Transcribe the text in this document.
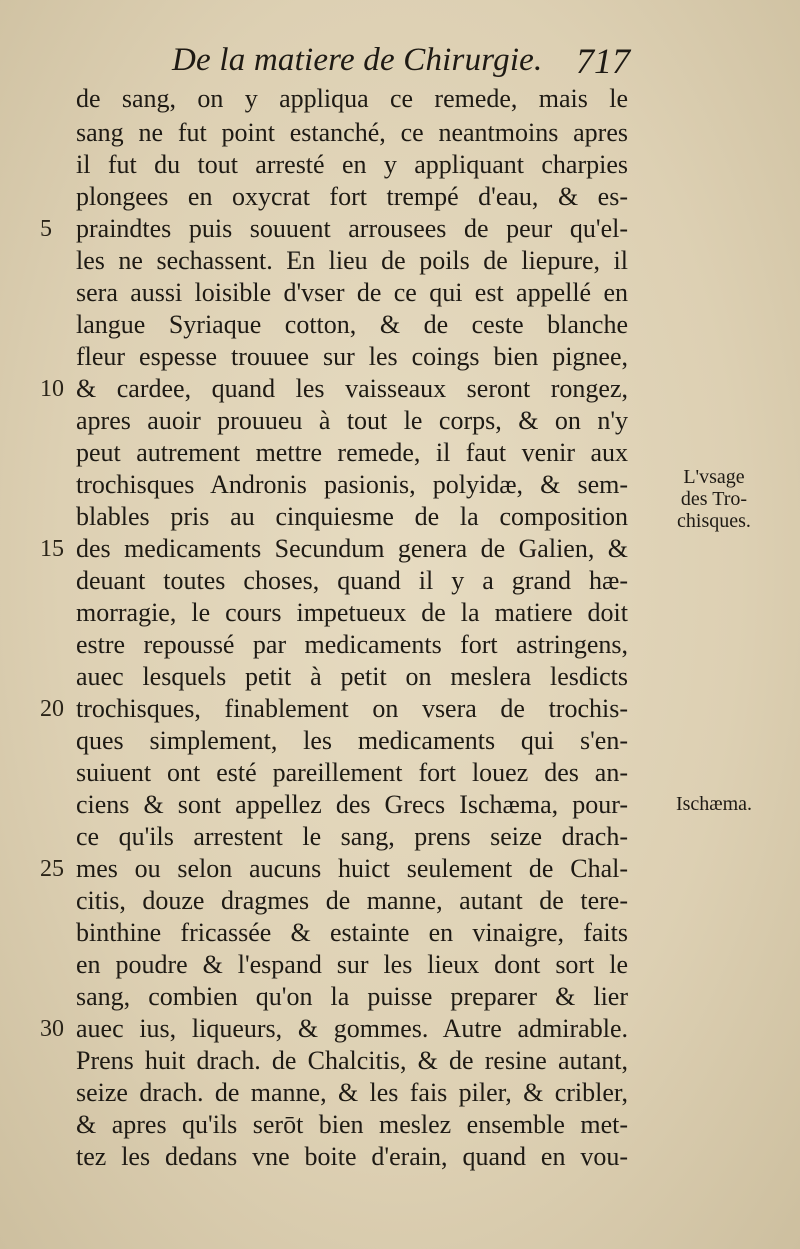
De la matiere de Chirurgie. 717
de sang, on y appliqua ce remede, mais le
sang ne fut point estanché, ce neantmoins apres
il fut du tout arresté en y appliquant charpies
plongees en oxycrat fort trempé d'eau, & es-
praindtes puis souuent arrousees de peur qu'el-
les ne sechassent. En lieu de poils de liepure, il
sera aussi loisible d'vser de ce qui est appellé en
langue Syriaque cotton, & de ceste blanche
fleur espesse trouuee sur les coings bien pignee,
& cardee, quand les vaisseaux seront rongez,
apres auoir prouueu à tout le corps, & on n'y
peut autrement mettre remede, il faut venir aux
trochisques Andronis pasionis, polyidæ, & sem-
blables pris au cinquiesme de la composition
des medicaments Secundum genera de Galien, &
deuant toutes choses, quand il y a grand hæ-
morragie, le cours impetueux de la matiere doit
estre repoussé par medicaments fort astringens,
auec lesquels petit à petit on meslera lesdicts
trochisques, finablement on vsera de trochis-
ques simplement, les medicaments qui s'en-
suiuent ont esté pareillement fort louez des an-
ciens & sont appellez des Grecs Ischæma, pour-
ce qu'ils arrestent le sang, prens seize drach-
mes ou selon aucuns huict seulement de Chal-
citis, douze dragmes de manne, autant de tere-
binthine fricassée & estainte en vinaigre, faits
en poudre & l'espand sur les lieux dont sort le
sang, combien qu'on la puisse preparer & lier
auec ius, liqueurs, & gommes. Autre admirable.
Prens huit drach. de Chalcitis, & de resine autant,
seize drach. de manne, & les fais piler, & cribler,
& apres qu'ils serōt bien meslez ensemble met-
tez les dedans vne boite d'erain, quand en vou-
5
10
15
20
25
30
L'vsage
des Tro-
chisques.
Ischæma.
